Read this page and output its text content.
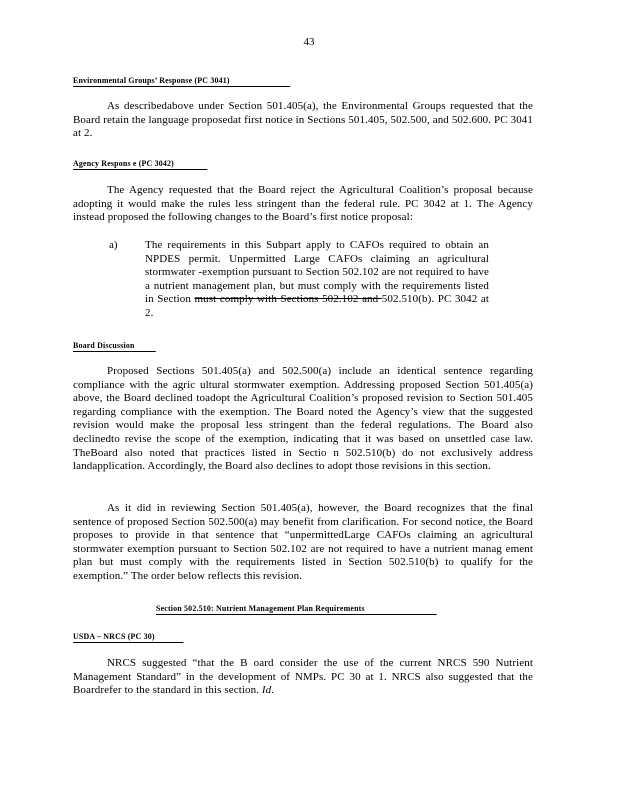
43
Environmental Groups’ Response (PC 3041)
As describedabove under Section 501.405(a), the Environmental Groups requested that the Board retain the language proposedat first notice in Sections 501.405, 502.500, and 502.600. PC 3041 at 2.
Agency Respons e (PC 3042)
The Agency requested that the Board reject the Agricultural Coalition’s proposal because adopting it would make the rules less stringent than the federal rule. PC 3042 at 1. The Agency instead proposed the following changes to the Board’s first notice proposal:
a) The requirements in this Subpart apply to CAFOs required to obtain an NPDES permit. Unpermitted Large CAFOs claiming an agricultural stormwater -exemption pursuant to Section 502.102 are not required to have a nutrient management plan, but must comply with the requirements listed in Section must comply with Sections 502.102 and 502.510(b). PC 3042 at 2.
Board Discussion
Proposed Sections 501.405(a) and 502.500(a) include an identical sentence regarding compliance with the agric ultural stormwater exemption. Addressing proposed Section 501.405(a) above, the Board declined toadopt the Agricultural Coalition’s proposed revision to Section 501.405 regarding compliance with the exemption. The Board noted the Agency’s view that the suggested revision would make the proposal less stringent than the federal regulations. The Board also declinedto revise the scope of the exemption, indicating that it was based on unsettled case law. TheBoard also noted that practices listed in Sectio n 502.510(b) do not exclusively address landapplication. Accordingly, the Board also declines to adopt those revisions in this section.
As it did in reviewing Section 501.405(a), however, the Board recognizes that the final sentence of proposed Section 502.500(a) may benefit from clarification. For second notice, the Board proposes to provide in that sentence that “unpermittedLarge CAFOs claiming an agricultural stormwater exemption pursuant to Section 502.102 are not required to have a nutrient manag ement plan but must comply with the requirements listed in Section 502.510(b) to qualify for the exemption.” The order below reflects this revision.
Section 502.510: Nutrient Management Plan Requirements
USDA – NRCS (PC 30)
NRCS suggested “that the B oard consider the use of the current NRCS 590 Nutrient Management Standard” in the development of NMPs. PC 30 at 1. NRCS also suggested that the Boardrefer to the standard in this section. Id.
